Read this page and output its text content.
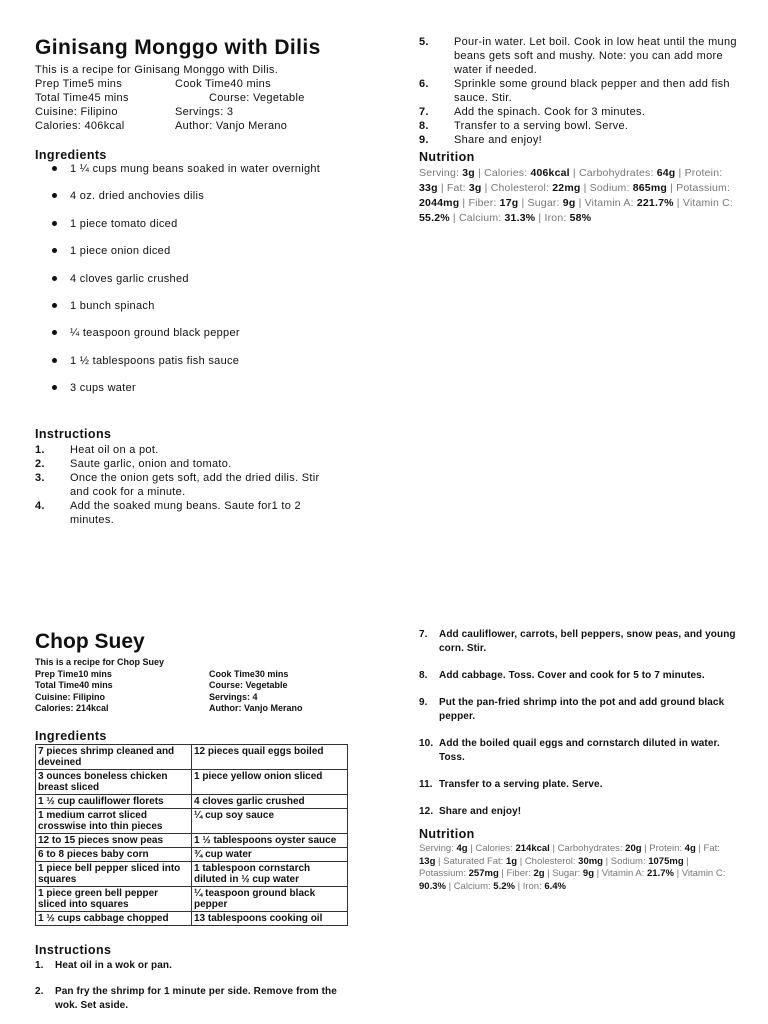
Ginisang Monggo with Dilis
This is a recipe for Ginisang Monggo with Dilis.
Prep Time5 mins	Cook Time40 mins
Total Time45 mins	Course: Vegetable
Cuisine: Filipino	Servings: 3
Calories: 406kcal	Author: Vanjo Merano
Ingredients
1 ¼ cups mung beans soaked in water overnight
4 oz. dried anchovies dilis
1 piece tomato diced
1 piece onion diced
4 cloves garlic crushed
1 bunch spinach
¼ teaspoon ground black pepper
1 ½ tablespoons patis fish sauce
3 cups water
Instructions
1. Heat oil on a pot.
2. Saute garlic, onion and tomato.
3. Once the onion gets soft, add the dried dilis. Stir and cook for a minute.
4. Add the soaked mung beans. Saute for1 to 2 minutes.
5. Pour-in water. Let boil. Cook in low heat until the mung beans gets soft and mushy. Note: you can add more water if needed.
6. Sprinkle some ground black pepper and then add fish sauce. Stir.
7. Add the spinach. Cook for 3 minutes.
8. Transfer to a serving bowl. Serve.
9. Share and enjoy!
Nutrition
Serving: 3g | Calories: 406kcal | Carbohydrates: 64g | Protein: 33g | Fat: 3g | Cholesterol: 22mg | Sodium: 865mg | Potassium: 2044mg | Fiber: 17g | Sugar: 9g | Vitamin A: 221.7% | Vitamin C: 55.2% | Calcium: 31.3% | Iron: 58%
Chop Suey
This is a recipe for Chop Suey
Prep Time10 mins	Cook Time30 mins
Total Time40 mins	Course: Vegetable
Cuisine: Filipino	Servings: 4
Calories: 214kcal	Author: Vanjo Merano
Ingredients
7 pieces shrimp cleaned and deveined	12 pieces quail eggs boiled
3 ounces boneless chicken breast sliced	1 piece yellow onion sliced
1 ½ cup cauliflower florets	4 cloves garlic crushed
1 medium carrot sliced crosswise into thin pieces	¼ cup soy sauce
12 to 15 pieces snow peas	1 ½ tablespoons oyster sauce
6 to 8 pieces baby corn	¾ cup water
1 piece bell pepper sliced into squares	1 tablespoon cornstarch diluted in ½ cup water
1 piece green bell pepper sliced into squares	¼ teaspoon ground black pepper
1 ½ cups cabbage chopped	13 tablespoons cooking oil
Instructions
1. Heat oil in a wok or pan.
2. Pan fry the shrimp for 1 minute per side. Remove from the wok. Set aside.
7. Add cauliflower, carrots, bell peppers, snow peas, and young corn. Stir.
8. Add cabbage. Toss. Cover and cook for 5 to 7 minutes.
9. Put the pan-fried shrimp into the pot and add ground black pepper.
10. Add the boiled quail eggs and cornstarch diluted in water. Toss.
11. Transfer to a serving plate. Serve.
12. Share and enjoy!
Nutrition
Serving: 4g | Calories: 214kcal | Carbohydrates: 20g | Protein: 4g | Fat: 13g | Saturated Fat: 1g | Cholesterol: 30mg | Sodium: 1075mg | Potassium: 257mg | Fiber: 2g | Sugar: 9g | Vitamin A: 21.7% | Vitamin C: 90.3% | Calcium: 5.2% | Iron: 6.4%
